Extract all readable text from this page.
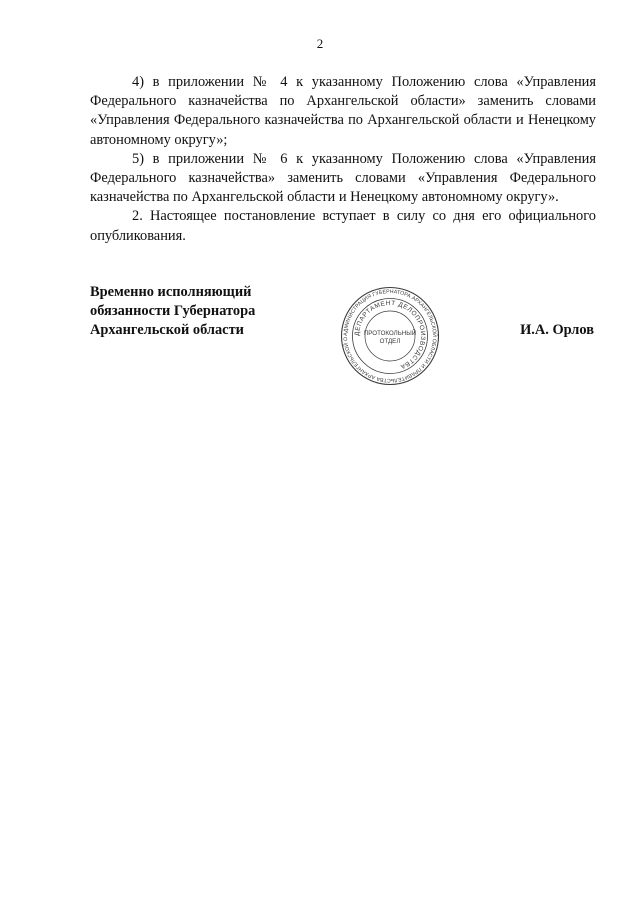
2

4) в приложении № 4 к указанному Положению слова «Управления Федерального казначейства по Архангельской области» заменить словами «Управления Федерального казначейства по Архангельской области и Ненецкому автономному округу»;

5) в приложении № 6 к указанному Положению слова «Управления Федерального казначейства» заменить словами «Управления Федерального казначейства по Архангельской области и Ненецкому автономному округу».

2. Настоящее постановление вступает в силу со дня его официального опубликования.

Временно исполняющий
обязанности Губернатора
Архангельской области	И.А. Орлов
АДМИНИСТРАЦИЯ ГУБЕРНАТОРА АРХАНГЕЛЬСКОЙ ОБЛАСТИ И ПРАВИТЕЛЬСТВА АРХАНГЕЛЬСКОЙ О
ДЕПАРТАМЕНТ ДЕЛОПРОИЗВОДСТВА
ПРОТОКОЛЬНЫЙ
ОТДЕЛ
